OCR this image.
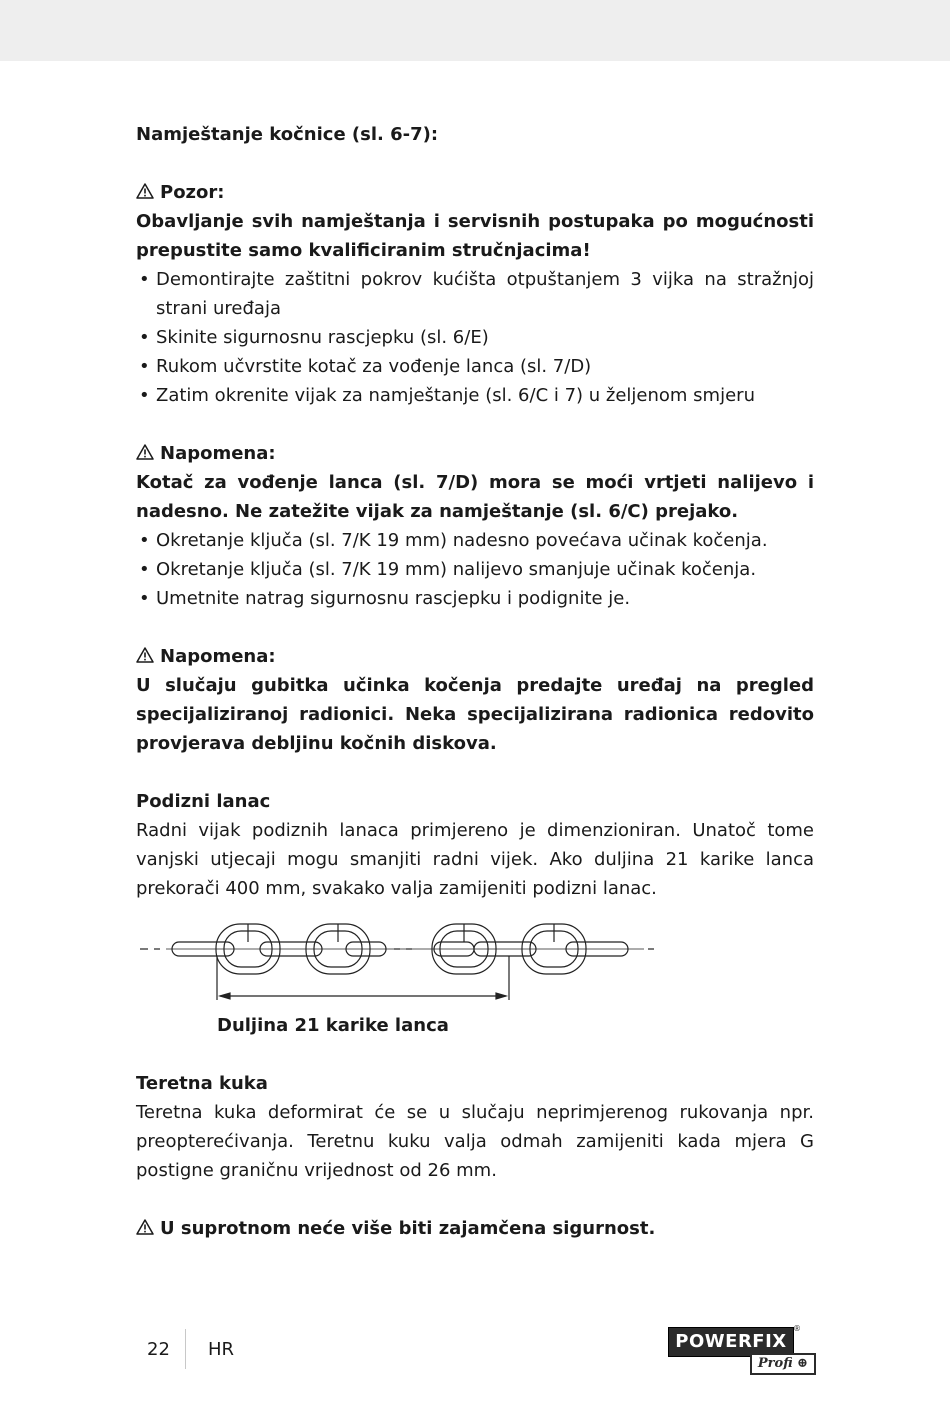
Namještanje kočnice (sl. 6-7):

Pozor:

Obavljanje svih namještanja i servisnih postupaka po mogućnosti prepustite samo kvalificiranim stručnjacima!

• Demontirajte zaštitni pokrov kućišta otpuštanjem 3 vijka na stražnjoj strani uređaja
• Skinite sigurnosnu rascjepku (sl. 6/E)
• Rukom učvrstite kotač za vođenje lanca (sl. 7/D)
• Zatim okrenite vijak za namještanje (sl. 6/C i 7) u željenom smjeru

Napomena:

Kotač za vođenje lanca (sl. 7/D) mora se moći vrtjeti nalijevo i nadesno. Ne zatežite vijak za namještanje (sl. 6/C) prejako.

• Okretanje ključa (sl. 7/K 19 mm) nadesno povećava učinak kočenja.
• Okretanje ključa (sl. 7/K 19 mm) nalijevo smanjuje učinak kočenja.
• Umetnite natrag sigurnosnu rascjepku i podignite je.

Napomena:

U slučaju gubitka učinka kočenja predajte uređaj na pregled specijaliziranoj radionici. Neka specijalizirana radionica redovito provjerava debljinu kočnih diskova.

Podizni lanac

Radni vijak podiznih lanaca primjereno je dimenzioniran. Unatoč tome vanjski utjecaji mogu smanjiti radni vijek. Ako duljina 21 karike lanca prekorači 400 mm, svakako valja zamijeniti podizni lanac.

Duljina 21 karike lanca

Teretna kuka

Teretna kuka deformirat će se u slučaju neprimjerenog rukovanja npr. preopterećivanja. Teretnu kuku valja odmah zamijeniti kada mjera G postigne graničnu vrijednost od 26 mm.

U suprotnom neće više biti zajamčena sigurnost.

22 HR	POWERFIX
®
Profi ⊕
